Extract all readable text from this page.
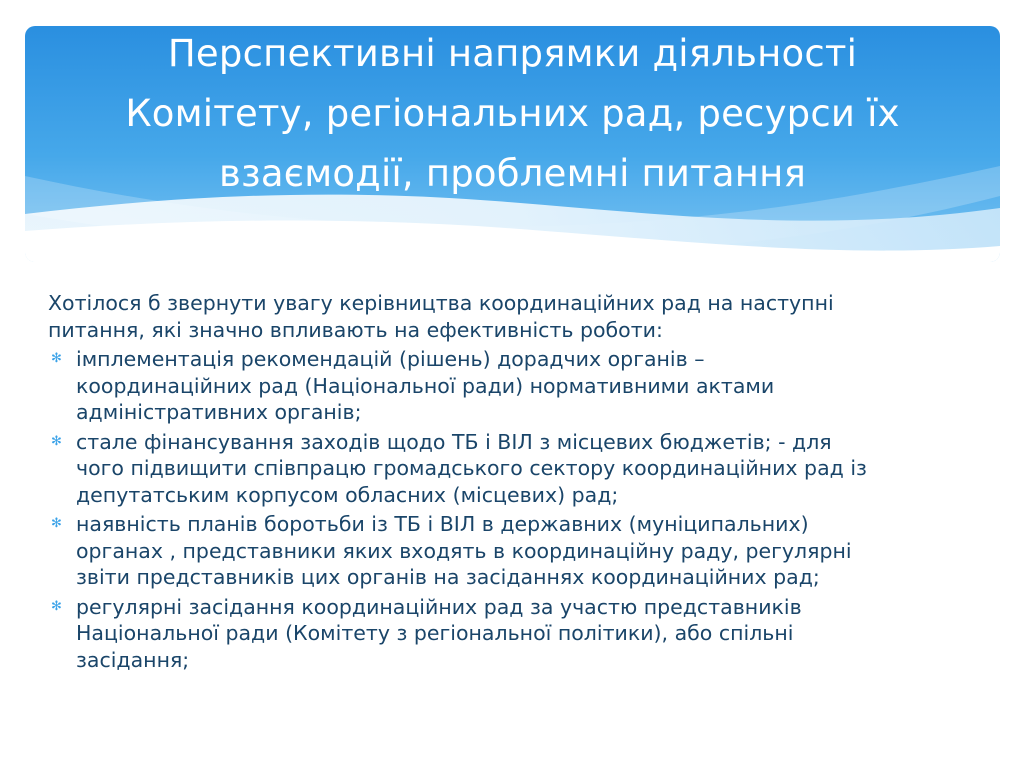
Перспективні напрямки діяльності
Комітету, регіональних рад, ресурси їх
взаємодії, проблемні питання

Хотілося б звернути увагу керівництва координаційних рад на наступні
питання, які значно впливають на ефективність роботи:

✻ імплементація рекомендацій (рішень) дорадчих органів –
координаційних рад (Національної ради) нормативними актами
адміністративних органів;
✻ стале фінансування заходів щодо ТБ і ВІЛ з місцевих бюджетів; - для
чого підвищити співпрацю громадського сектору координаційних рад із
депутатським корпусом обласних (місцевих) рад;
✻ наявність планів боротьби із ТБ і ВІЛ в державних (муніципальних)
органах , представники яких входять в координаційну раду, регулярні
звіти представників цих органів на засіданнях координаційних рад;
✻ регулярні засідання координаційних рад за участю представників
Національної ради (Комітету з регіональної політики), або спільні
засідання;
